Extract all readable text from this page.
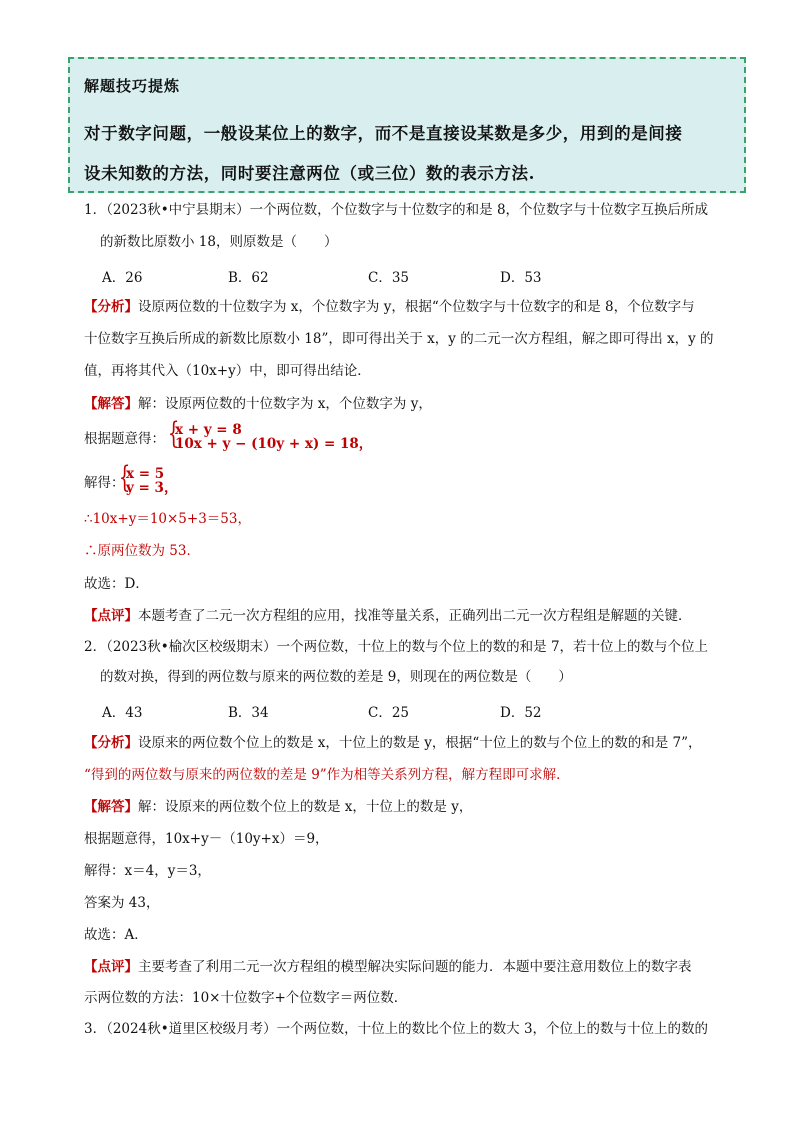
解题技巧提炼
对于数字问题，一般设某位上的数字，而不是直接设某数是多少，用到的是间接
设未知数的方法，同时要注意两位（或三位）数的表示方法.
1．（2023秋•中宁县期末）一个两位数，个位数字与十位数字的和是 8，个位数字与十位数字互换后所成
的新数比原数小 18，则原数是（　　）
A．26	B．62	C．35	D．53
【分析】设原两位数的十位数字为 x，个位数字为 y，根据“个位数字与十位数字的和是 8，个位数字与
十位数字互换后所成的新数比原数小 18”，即可得出关于 x，y 的二元一次方程组，解之即可得出 x，y 的
值，再将其代入（10x+y）中，即可得出结论．
【解答】解：设原两位数的十位数字为 x，个位数字为 y，
根据题意得： {
x + y = 8
10x + y − (10y + x) = 18，
解得：
{
x = 5
y = 3，
∴10x+y＝10×5+3＝53，
∴原两位数为 53．
故选：D．
【点评】本题考查了二元一次方程组的应用，找准等量关系，正确列出二元一次方程组是解题的关键．
2．（2023秋•榆次区校级期末）一个两位数，十位上的数与个位上的数的和是 7，若十位上的数与个位上
的数对换，得到的两位数与原来的两位数的差是 9，则现在的两位数是（　　）
A．43	B．34	C．25	D．52
【分析】设原来的两位数个位上的数是 x，十位上的数是 y，根据“十位上的数与个位上的数的和是 7”，
“得到的两位数与原来的两位数的差是 9”作为相等关系列方程，解方程即可求解．
【解答】解：设原来的两位数个位上的数是 x，十位上的数是 y，
根据题意得，10x+y－（10y+x）＝9，
解得：x＝4，y＝3，
答案为 43，
故选：A．
【点评】主要考查了利用二元一次方程组的模型解决实际问题的能力．本题中要注意用数位上的数字表
示两位数的方法：10×十位数字+个位数字＝两位数．
3．（2024秋•道里区校级月考）一个两位数，十位上的数比个位上的数大 3，个位上的数与十位上的数的
